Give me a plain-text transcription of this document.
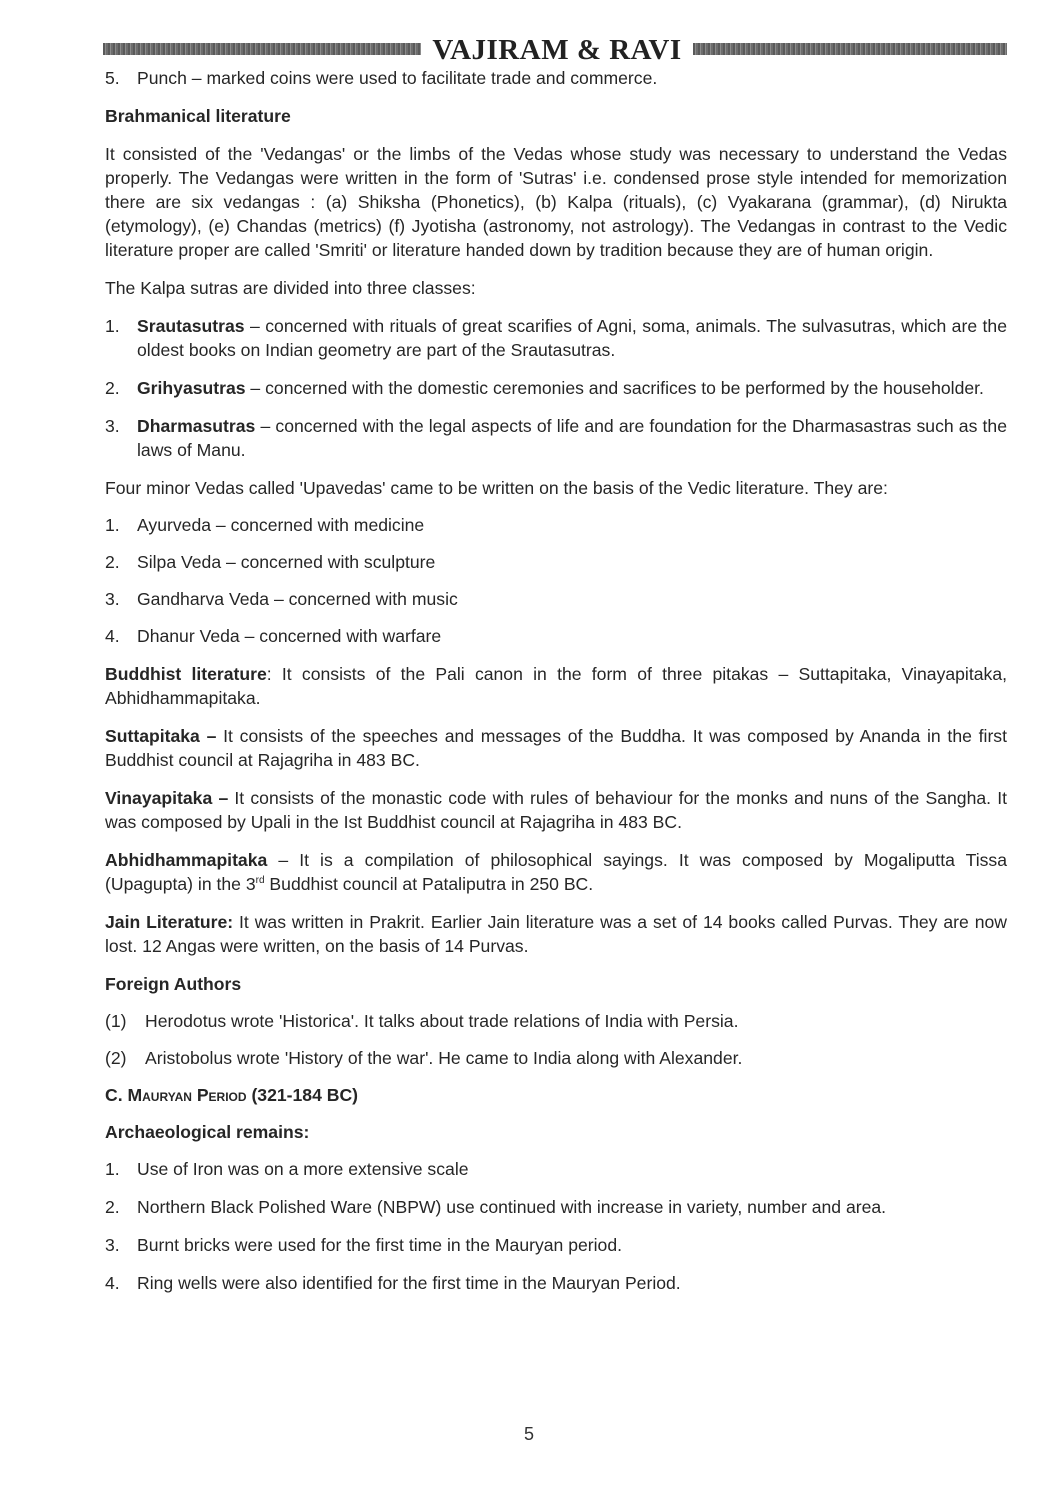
VAJIRAM & RAVI
5. Punch – marked coins were used to facilitate trade and commerce.

Brahmanical literature

It consisted of the 'Vedangas' or the limbs of the Vedas whose study was necessary to understand the Vedas properly. The Vedangas were written in the form of 'Sutras' i.e. condensed prose style intended for memorization there are six vedangas : (a) Shiksha (Phonetics), (b) Kalpa (rituals), (c) Vyakarana (grammar), (d) Nirukta (etymology), (e) Chandas (metrics) (f) Jyotisha (astronomy, not astrology). The Vedangas in contrast to the Vedic literature proper are called 'Smriti' or literature handed down by tradition because they are of human origin.

The Kalpa sutras are divided into three classes:

1. Srautasutras – concerned with rituals of great scarifies of Agni, soma, animals. The sulvasutras, which are the oldest books on Indian geometry are part of the Srautasutras.
2. Grihyasutras – concerned with the domestic ceremonies and sacrifices to be performed by the householder.
3. Dharmasutras – concerned with the legal aspects of life and are foundation for the Dharmasastras such as the laws of Manu.

Four minor Vedas called 'Upavedas' came to be written on the basis of the Vedic literature. They are:

1. Ayurveda – concerned with medicine
2. Silpa Veda – concerned with sculpture
3. Gandharva Veda – concerned with music
4. Dhanur Veda – concerned with warfare

Buddhist literature: It consists of the Pali canon in the form of three pitakas – Suttapitaka, Vinayapitaka, Abhidhammapitaka.

Suttapitaka – It consists of the speeches and messages of the Buddha. It was composed by Ananda in the first Buddhist council at Rajagriha in 483 BC.

Vinayapitaka – It consists of the monastic code with rules of behaviour for the monks and nuns of the Sangha. It was composed by Upali in the Ist Buddhist council at Rajagriha in 483 BC.

Abhidhammapitaka – It is a compilation of philosophical sayings. It was composed by Mogaliputta Tissa (Upagupta) in the 3rd Buddhist council at Pataliputra in 250 BC.

Jain Literature: It was written in Prakrit. Earlier Jain literature was a set of 14 books called Purvas. They are now lost. 12 Angas were written, on the basis of 14 Purvas.

Foreign Authors

(1)	Herodotus wrote 'Historica'. It talks about trade relations of India with Persia.
(2)	Aristobolus wrote 'History of the war'. He came to India along with Alexander.

C. Mauryan Period (321-184 BC)

Archaeological remains:

1. Use of Iron was on a more extensive scale
2. Northern Black Polished Ware (NBPW) use continued with increase in variety, number and area.
3. Burnt bricks were used for the first time in the Mauryan period.
4. Ring wells were also identified for the first time in the Mauryan Period.
5
